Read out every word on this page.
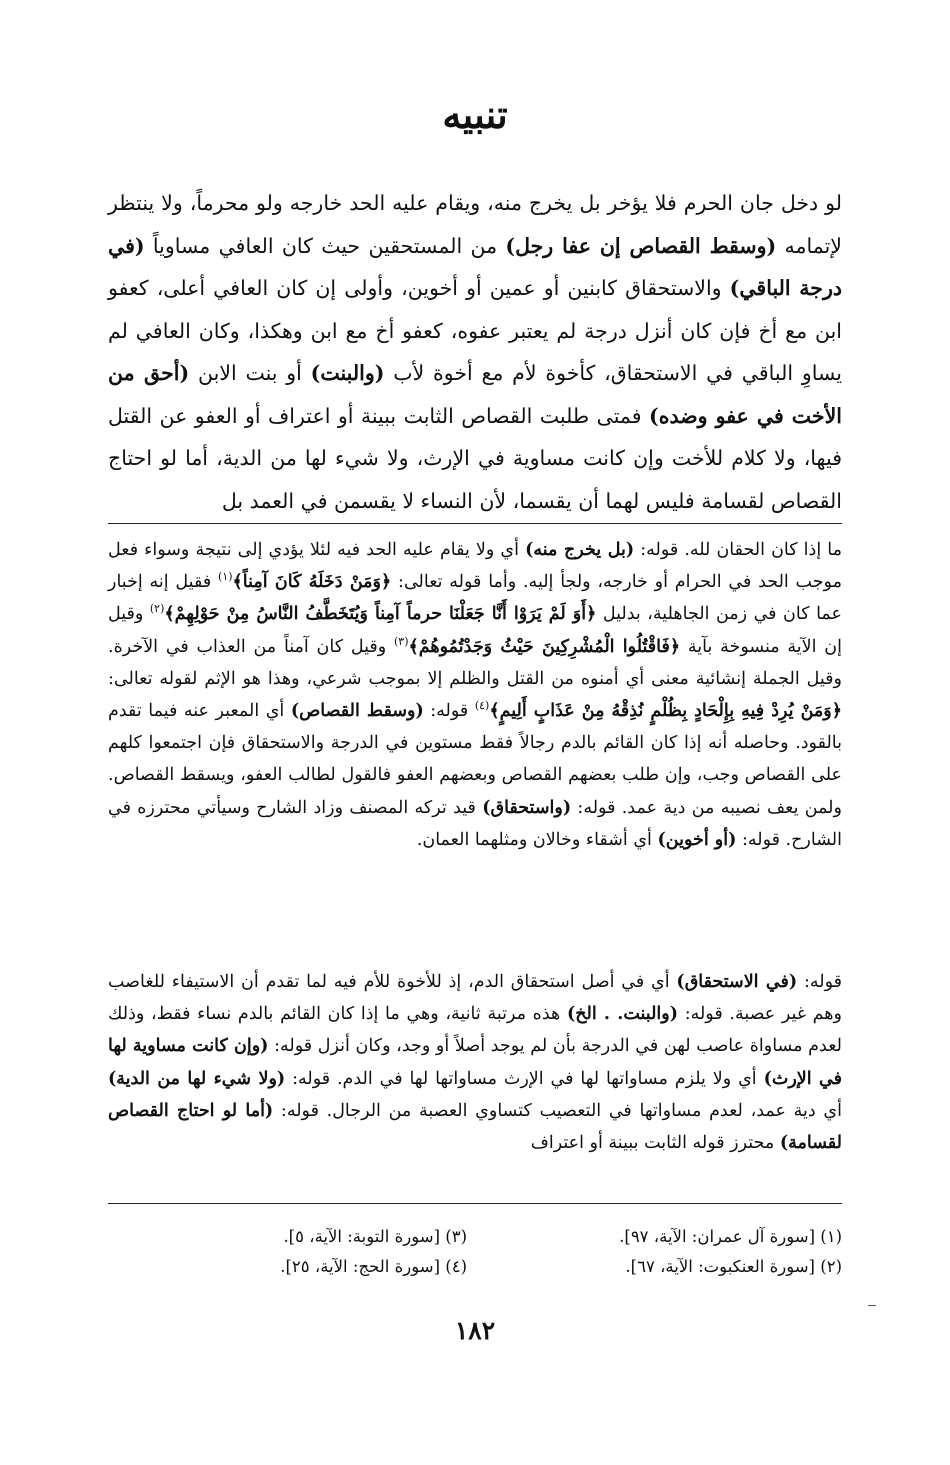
تنبيه

لو دخل جان الحرم فلا يؤخر بل يخرج منه، ويقام عليه الحد خارجه ولو محرماً، ولا ينتظر لإتمامه (وسقط القصاص إن عفا رجل) من المستحقين حيث كان العافي مساوياً (في درجة الباقي) والاستحقاق كابنين أو عمين أو أخوين، وأولى إن كان العافي أعلى، كعفو ابن مع أخ فإن كان أنزل درجة لم يعتبر عفوه، كعفو أخ مع ابن وهكذا، وكان العافي لم يساوِ الباقي في الاستحقاق، كأخوة لأم مع أخوة لأب (والبنت) أو بنت الابن (أحق من الأخت في عفو وضده) فمتى طلبت القصاص الثابت ببينة أو اعتراف أو العفو عن القتل فيها، ولا كلام للأخت وإن كانت مساوية في الإرث، ولا شيء لها من الدية، أما لو احتاج القصاص لقسامة فليس لهما أن يقسما، لأن النساء لا يقسمن في العمد بل

ما إذا كان الحقان لله. قوله: (بل يخرج منه) أي ولا يقام عليه الحد فيه لئلا يؤدي إلى نتيجة وسواء فعل موجب الحد في الحرام أو خارجه، ولجأ إليه. وأما قوله تعالى: ﴿وَمَنْ دَخَلَهُ كَانَ آمِناً﴾$^{(١)}$ فقيل إنه إخبار عما كان في زمن الجاهلية، بدليل ﴿أَوَ لَمْ يَرَوْا أَنَّا جَعَلْنَا حرماً آمِناً وَيُتَخَطَّفُ النَّاسُ مِنْ حَوْلِهِمْ﴾$^{(٢)}$ وقيل إن الآية منسوخة بآية ﴿فَاقْتُلُوا الْمُشْرِكِينَ حَيْثُ وَجَدْتُمُوهُمْ﴾$^{(٣)}$ وقيل كان آمناً من العذاب في الآخرة. وقيل الجملة إنشائية معنى أي أمنوه من القتل والظلم إلا بموجب شرعي، وهذا هو الإثم لقوله تعالى: ﴿وَمَنْ يُرِدْ فِيهِ بِإِلْحَادٍ بِظُلْمٍ نُذِقْهُ مِنْ عَذَابٍ أَلِيمٍ﴾$^{(٤)}$ قوله: (وسقط القصاص) أي المعبر عنه فيما تقدم بالقود. وحاصله أنه إذا كان القائم بالدم رجالاً فقط مستوين في الدرجة والاستحقاق فإن اجتمعوا كلهم على القصاص وجب، وإن طلب بعضهم القصاص وبعضهم العفو فالقول لطالب العفو، ويسقط القصاص. ولمن يعف نصيبه من دية عمد. قوله: (واستحقاق) قيد تركه المصنف وزاد الشارح وسيأتي محترزه في الشارح. قوله: (أو أخوين) أي أشقاء وخالان ومثلهما العمان.

قوله: (في الاستحقاق) أي في أصل استحقاق الدم، إذ للأخوة للأم فيه لما تقدم أن الاستيفاء للغاصب وهم غير عصبة. قوله: (والبنت. . الخ) هذه مرتبة ثانية، وهي ما إذا كان القائم بالدم نساء فقط، وذلك لعدم مساواة عاصب لهن في الدرجة بأن لم يوجد أصلاً أو وجد، وكان أنزل قوله: (وإن كانت مساوية لها في الإرث) أي ولا يلزم مساواتها لها في الإرث مساواتها لها في الدم. قوله: (ولا شيء لها من الدية) أي دية عمد، لعدم مساواتها في التعصيب كتساوي العصبة من الرجال. قوله: (أما لو احتاج القصاص لقسامة) محترز قوله الثابت ببينة أو اعتراف

(١) [سورة آل عمران: الآية، ٩٧].
(٣) [سورة التوبة: الآية، ٥].
(٢) [سورة العنكبوت: الآية، ٦٧].
(٤) [سورة الحج: الآية، ٢٥].
١٨٢
